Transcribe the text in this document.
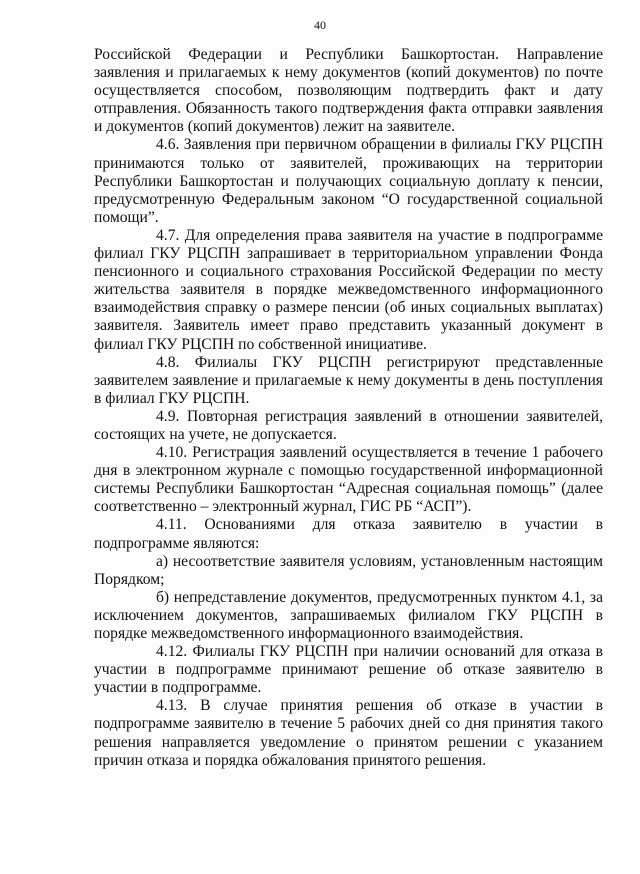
40

Российской Федерации и Республики Башкортостан. Направление заявления и прилагаемых к нему документов (копий документов) по почте осуществляется способом, позволяющим подтвердить факт и дату отправления. Обязанность такого подтверждения факта отправки заявления и документов (копий документов) лежит на заявителе.

4.6. Заявления при первичном обращении в филиалы ГКУ РЦСПН принимаются только от заявителей, проживающих на территории Республики Башкортостан и получающих социальную доплату к пенсии, предусмотренную Федеральным законом “О государственной социальной помощи”.

4.7. Для определения права заявителя на участие в подпрограмме филиал ГКУ РЦСПН запрашивает в территориальном управлении Фонда пенсионного и социального страхования Российской Федерации по месту жительства заявителя в порядке межведомственного информационного взаимодействия справку о размере пенсии (об иных социальных выплатах) заявителя. Заявитель имеет право представить указанный документ в филиал ГКУ РЦСПН по собственной инициативе.

4.8. Филиалы ГКУ РЦСПН регистрируют представленные заявителем заявление и прилагаемые к нему документы в день поступления в филиал ГКУ РЦСПН.

4.9. Повторная регистрация заявлений в отношении заявителей, состоящих на учете, не допускается.

4.10. Регистрация заявлений осуществляется в течение 1 рабочего дня в электронном журнале с помощью государственной информационной системы Республики Башкортостан “Адресная социальная помощь” (далее соответственно – электронный журнал, ГИС РБ “АСП”).

4.11. Основаниями для отказа заявителю в участии в подпрограмме являются:

а) несоответствие заявителя условиям, установленным настоящим Порядком;

б) непредставление документов, предусмотренных пунктом 4.1, за исключением документов, запрашиваемых филиалом ГКУ РЦСПН в порядке межведомственного информационного взаимодействия.

4.12. Филиалы ГКУ РЦСПН при наличии оснований для отказа в участии в подпрограмме принимают решение об отказе заявителю в участии в подпрограмме.

4.13. В случае принятия решения об отказе в участии в подпрограмме заявителю в течение 5 рабочих дней со дня принятия такого решения направляется уведомление о принятом решении с указанием причин отказа и порядка обжалования принятого решения.
